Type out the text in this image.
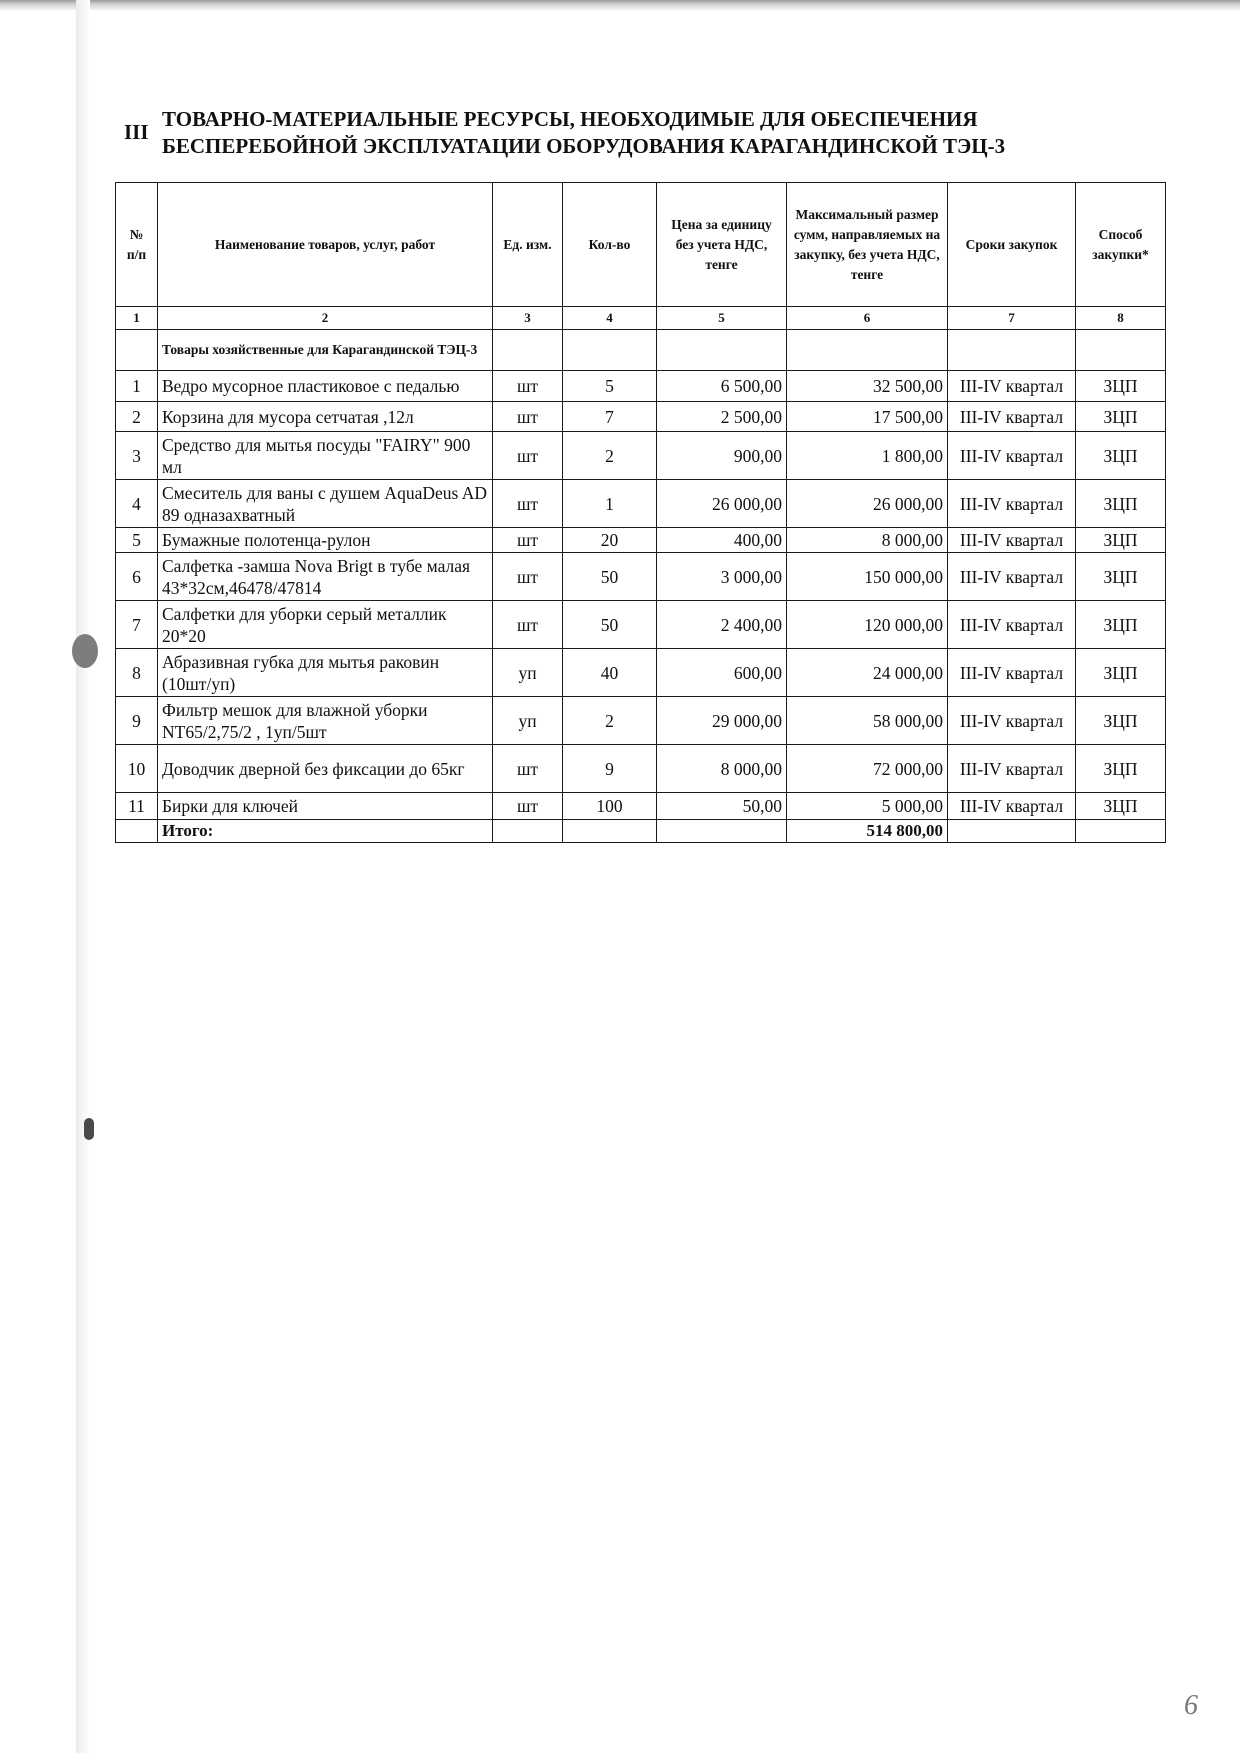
III
ТОВАРНО-МАТЕРИАЛЬНЫЕ РЕСУРСЫ, НЕОБХОДИМЫЕ ДЛЯ ОБЕСПЕЧЕНИЯ
БЕСПЕРЕБОЙНОЙ ЭКСПЛУАТАЦИИ ОБОРУДОВАНИЯ КАРАГАНДИНСКОЙ ТЭЦ-3
№
п/п	Наименование товаров, услуг, работ	Ед. изм.	Кол-во	Цена за единицу без учета НДС, тенге	Максимальный размер сумм, направляемых на закупку, без учета НДС, тенге	Сроки закупок	Способ закупки*
1	2	3	4	5	6	7	8
	Товары хозяйственные для Карагандинской ТЭЦ-3						
1	Ведро мусорное пластиковое с педалью	шт	5	6 500,00	32 500,00	III-IV квартал	ЗЦП
2	Корзина для мусора сетчатая ,12л	шт	7	2 500,00	17 500,00	III-IV квартал	ЗЦП
3	Средство для мытья посуды "FAIRY" 900 мл	шт	2	900,00	1 800,00	III-IV квартал	ЗЦП
4	Смеситель для ваны с душем AquaDeus AD 89 одназахватный	шт	1	26 000,00	26 000,00	III-IV квартал	ЗЦП
5	Бумажные полотенца-рулон	шт	20	400,00	8 000,00	III-IV квартал	ЗЦП
6	Салфетка -замша Nova Brigt в тубе малая 43*32см,46478/47814	шт	50	3 000,00	150 000,00	III-IV квартал	ЗЦП
7	Салфетки для уборки серый металлик 20*20	шт	50	2 400,00	120 000,00	III-IV квартал	ЗЦП
8	Абразивная губка для мытья раковин (10шт/уп)	уп	40	600,00	24 000,00	III-IV квартал	ЗЦП
9	Фильтр мешок для влажной уборки NT65/2,75/2 , 1уп/5шт	уп	2	29 000,00	58 000,00	III-IV квартал	ЗЦП
10	Доводчик дверной без фиксации до 65кг	шт	9	8 000,00	72 000,00	III-IV квартал	ЗЦП
11	Бирки для ключей	шт	100	50,00	5 000,00	III-IV квартал	ЗЦП
	Итого:				514 800,00		
6
